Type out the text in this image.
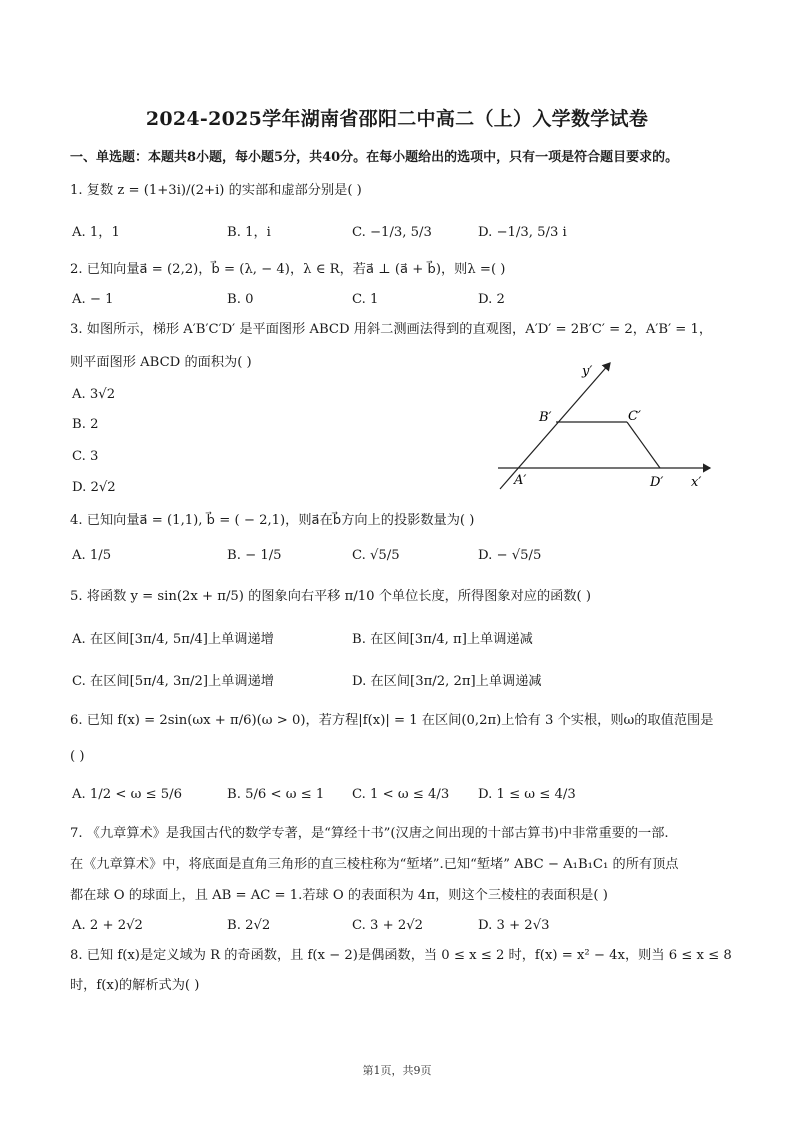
2024-2025学年湖南省邵阳二中高二（上）入学数学试卷
一、单选题：本题共8小题，每小题5分，共40分。在每小题给出的选项中，只有一项是符合题目要求的。
1. 复数 z = (1+3i)/(2+i) 的实部和虚部分别是( )
A. 1，1	B. 1，i	C. −1/3, 5/3	D. −1/3, 5/3 i
2. 已知向量a⃗ = (2,2)，b⃗ = (λ, − 4)，λ ∈ R，若a⃗ ⊥ (a⃗ + b⃗)，则λ =( )
A. − 1	B. 0	C. 1	D. 2
3. 如图所示，梯形 A′B′C′D′ 是平面图形 ABCD 用斜二测画法得到的直观图，A′D′ = 2B′C′ = 2，A′B′ = 1，
则平面图形 ABCD 的面积为( )
A. 3√2
B. 2
C. 3
D. 2√2
y′
B′	C′
A′	D′ x′
4. 已知向量a⃗ = (1,1), b⃗ = ( − 2,1)，则a⃗在b⃗方向上的投影数量为( )
A. 1/5	B. − 1/5	C. √5/5	D. − √5/5
5. 将函数 y = sin(2x + π/5) 的图象向右平移 π/10 个单位长度，所得图象对应的函数( )
A. 在区间[3π/4, 5π/4]上单调递增	B. 在区间[3π/4, π]上单调递减
C. 在区间[5π/4, 3π/2]上单调递增	D. 在区间[3π/2, 2π]上单调递减
6. 已知 f(x) = 2sin(ωx + π/6)(ω > 0)，若方程|f(x)| = 1 在区间(0,2π)上恰有 3 个实根，则ω的取值范围是
( )
A. 1/2 < ω ≤ 5/6	B. 5/6 < ω ≤ 1 C. 1 < ω ≤ 4/3 D. 1 ≤ ω ≤ 4/3
7. 《九章算术》是我国古代的数学专著，是“算经十书”(汉唐之间出现的十部古算书)中非常重要的一部.
在《九章算术》中，将底面是直角三角形的直三棱柱称为“堑堵”.已知“堑堵” ABC − A₁B₁C₁ 的所有顶点
都在球 O 的球面上，且 AB = AC = 1.若球 O 的表面积为 4π，则这个三棱柱的表面积是( )
A. 2 + 2√2	B. 2√2	C. 3 + 2√2	D. 3 + 2√3
8. 已知 f(x)是定义域为 R 的奇函数，且 f(x − 2)是偶函数，当 0 ≤ x ≤ 2 时，f(x) = x² − 4x，则当 6 ≤ x ≤ 8
时，f(x)的解析式为( )
第1页，共9页
